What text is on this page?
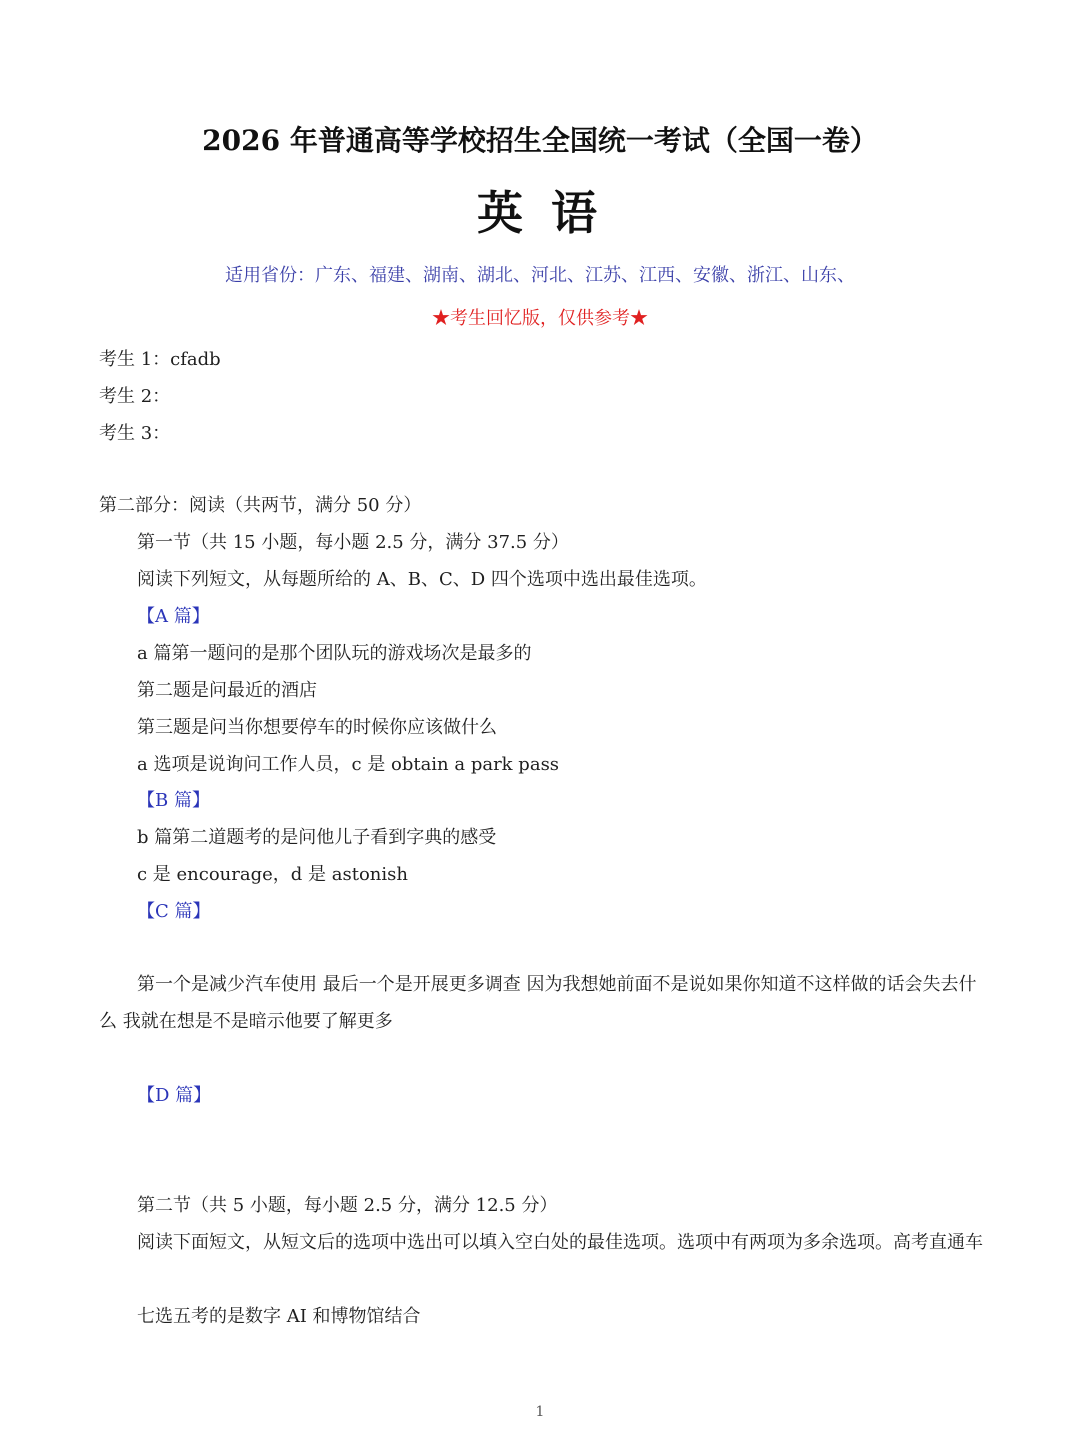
2026 年普通高等学校招生全国统一考试（全国一卷）
英 语
适用省份：广东、福建、湖南、湖北、河北、江苏、江西、安徽、浙江、山东、
★考生回忆版，仅供参考★
考生 1：cfadb
考生 2：
考生 3：
第二部分：阅读（共两节，满分 50 分）
第一节（共 15 小题，每小题 2.5 分，满分 37.5 分）
阅读下列短文，从每题所给的 A、B、C、D 四个选项中选出最佳选项。
【A 篇】
a 篇第一题问的是那个团队玩的游戏场次是最多的
第二题是问最近的酒店
第三题是问当你想要停车的时候你应该做什么
a 选项是说询问工作人员，c 是 obtain a park pass
【B 篇】
b 篇第二道题考的是问他儿子看到字典的感受
c 是 encourage，d 是 astonish
【C 篇】
第一个是减少汽车使用 最后一个是开展更多调查 因为我想她前面不是说如果你知道不这样做的话会失去什么 我就在想是不是暗示他要了解更多
【D 篇】
第二节（共 5 小题，每小题 2.5 分，满分 12.5 分）
阅读下面短文，从短文后的选项中选出可以填入空白处的最佳选项。选项中有两项为多余选项。高考直通车
七选五考的是数字 AI 和博物馆结合
1
